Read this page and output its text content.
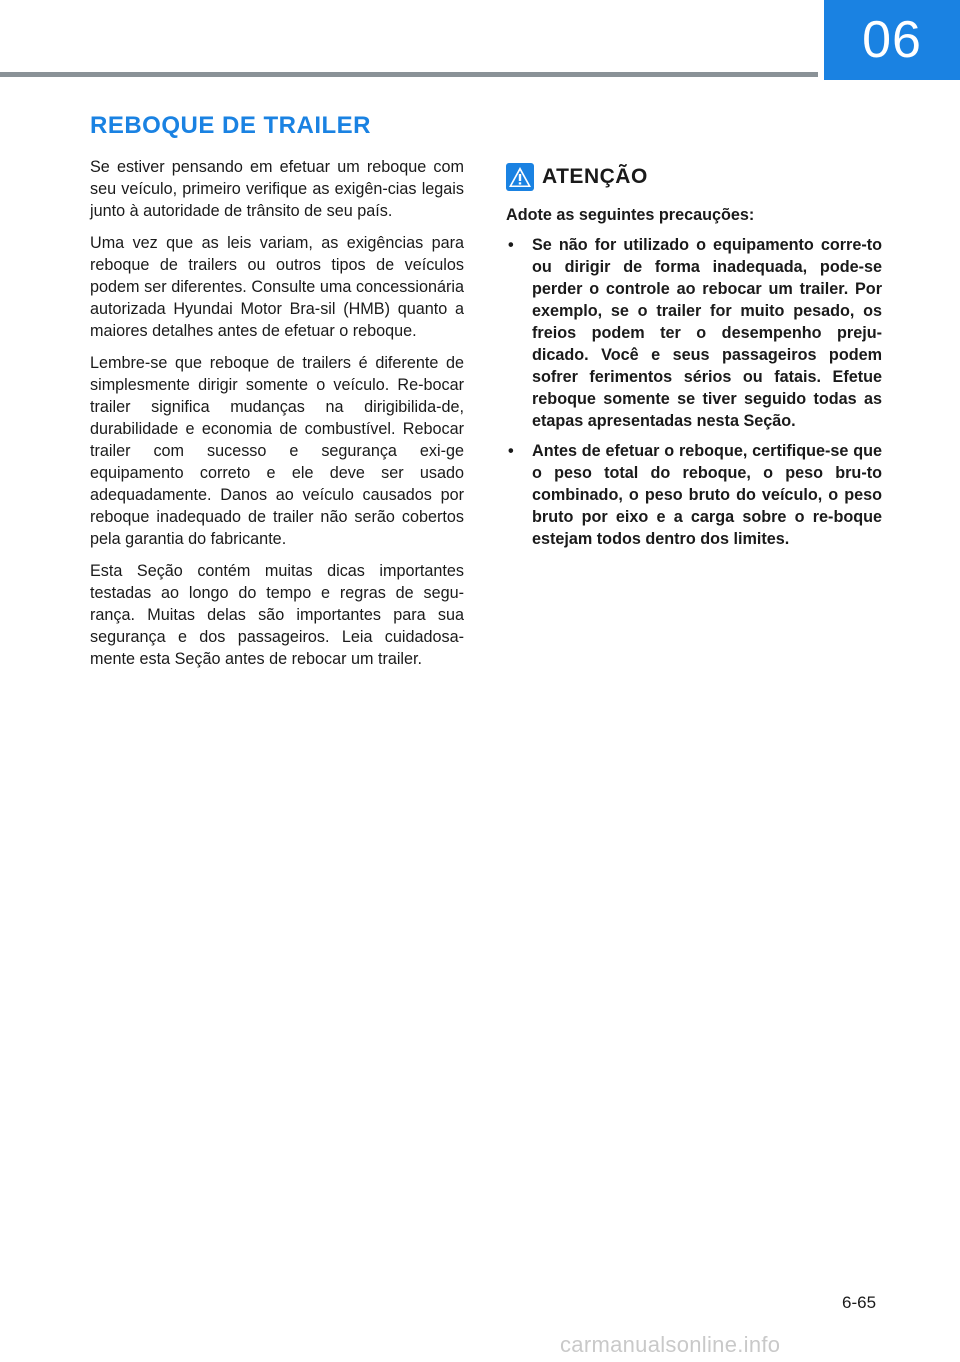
06
REBOQUE DE TRAILER

Se estiver pensando em efetuar um reboque com seu veículo, primeiro verifique as exigên-cias legais junto à autoridade de trânsito de seu país.

Uma vez que as leis variam, as exigências para reboque de trailers ou outros tipos de veículos podem ser diferentes. Consulte uma concessionária autorizada Hyundai Motor Bra-sil (HMB) quanto a maiores detalhes antes de efetuar o reboque.

Lembre-se que reboque de trailers é diferente de simplesmente dirigir somente o veículo. Re-bocar trailer significa mudanças na dirigibilida-de, durabilidade e economia de combustível. Rebocar trailer com sucesso e segurança exi-ge equipamento correto e ele deve ser usado adequadamente. Danos ao veículo causados por reboque inadequado de trailer não serão cobertos pela garantia do fabricante.

Esta Seção contém muitas dicas importantes testadas ao longo do tempo e regras de segu-rança. Muitas delas são importantes para sua segurança e dos passageiros. Leia cuidadosa-mente esta Seção antes de rebocar um trailer.

ATENÇÃO

Adote as seguintes precauções:

• Se não for utilizado o equipamento corre-to ou dirigir de forma inadequada, pode-se perder o controle ao rebocar um trailer. Por exemplo, se o trailer for muito pesado, os freios podem ter o desempenho preju-dicado. Você e seus passageiros podem sofrer ferimentos sérios ou fatais. Efetue reboque somente se tiver seguido todas as etapas apresentadas nesta Seção.
• Antes de efetuar o reboque, certifique-se que o peso total do reboque, o peso bru-to combinado, o peso bruto do veículo, o peso bruto por eixo e a carga sobre o re-boque estejam todos dentro dos limites.
6-65
carmanualsonline.info
